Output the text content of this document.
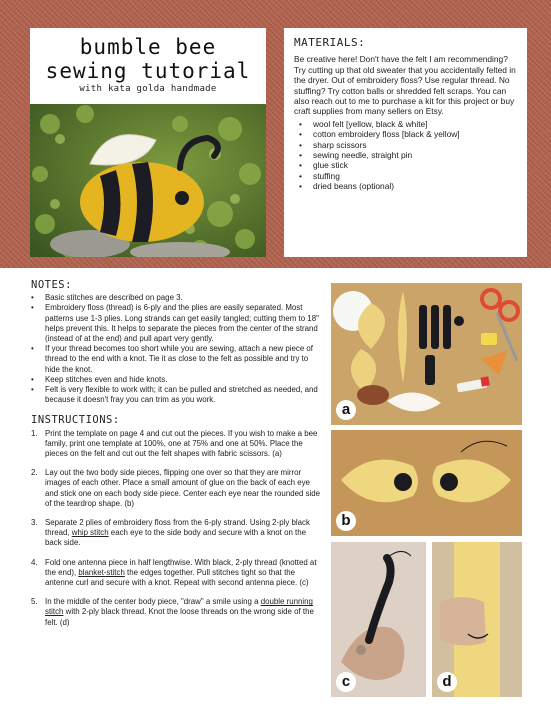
bumble bee
sewing tutorial
with kata golda handmade
MATERIALS:
Be creative here! Don't have the felt I am recommending? Try cutting up that old sweater that you accidentally felted in the dryer. Out of embroidery floss? Use regular thread. No stuffing? Try cotton balls or shredded felt scraps. You can also reach out to me to purchase a kit for this project or buy craft supplies from many sellers on Etsy.
• wool felt [yellow, black & white]
• cotton embroidery floss [black & yellow]
• sharp scissors
• sewing needle, straight pin
• glue stick
• stuffing
• dried beans (optional)
NOTES:
• Basic stitches are described on page 3.
• Embroidery floss (thread) is 6-ply and the plies are easily separated. Most patterns use 1-3 plies. Long strands can get easily tangled; cutting them to 18" helps prevent this. It helps to separate the pieces from the center of the strand (instead of at the end) and pull apart very gently.
• If your thread becomes too short while you are sewing, attach a new piece of thread to the end with a knot. Tie it as close to the felt as possible and try to hide the knot.
• Keep stitches even and hide knots.
• Felt is very flexible to work with; it can be pulled and stretched as needed, and because it doesn't fray you can trim as you work.
INSTRUCTIONS:
1. Print the template on page 4 and cut out the pieces. If you wish to make a bee family, print one template at 100%, one at 75% and one at 50%. Place the pieces on the felt and cut out the felt shapes with fabric scissors. (a)
2. Lay out the two body side pieces, flipping one over so that they are mirror images of each other. Place a small amount of glue on the back of each eye and stick one on each body side piece. Center each eye near the rounded side of the teardrop shape. (b)
3. Separate 2 plies of embroidery floss from the 6-ply strand. Using 2-ply black thread, whip stitch each eye to the side body and secure with a knot on the back side.
4. Fold one antenna piece in half lengthwise. With black, 2-ply thread (knotted at the end), blanket-stitch the edges together. Pull stitches tight so that the antenne curl and secure with a knot. Repeat with second antenna piece. (c)
5. In the middle of the center body piece, "draw" a smile using a double running stitch with 2-ply black thread. Knot the loose threads on the wrong side of the felt. (d)
a
b
c	d
